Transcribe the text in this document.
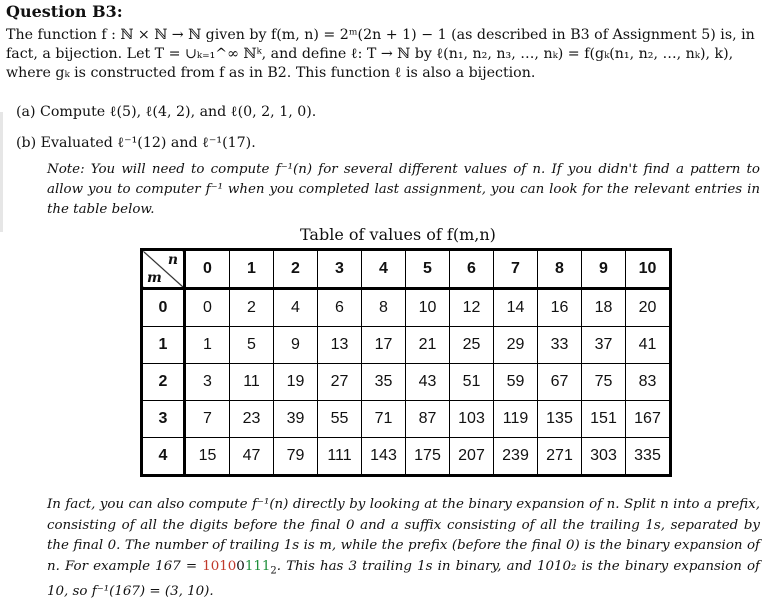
Question B3:

The function f : ℕ × ℕ → ℕ given by f(m, n) = 2ᵐ(2n + 1) − 1 (as described in B3 of Assignment 5) is, in

fact, a bijection. Let T = ∪ₖ₌₁^∞ ℕᵏ, and define ℓ: T → ℕ by ℓ(n₁, n₂, n₃, …, nₖ) = f(gₖ(n₁, n₂, …, nₖ), k),

where gₖ is constructed from f as in B2. This function ℓ is also a bijection.

(a) Compute ℓ(5), ℓ(4, 2), and ℓ(0, 2, 1, 0).
(b) Evaluated ℓ⁻¹(12) and ℓ⁻¹(17).
Note: You will need to compute f⁻¹(n) for several different values of n. If you didn't find a pattern to allow you to computer f⁻¹ when you completed last assignment, you can look for the relevant entries in the table below.
Table of values of f(m,n)
n
m	0	1	2	3	4	5	6	7	8	9	10
0	0	2	4	6	8	10	12	14	16	18	20
1	1	5	9	13	17	21	25	29	33	37	41
2	3	11	19	27	35	43	51	59	67	75	83
3	7	23	39	55	71	87	103	119	135	151	167
4	15	47	79	111	143	175	207	239	271	303	335
In fact, you can also compute f⁻¹(n) directly by looking at the binary expansion of n. Split n into a prefix, consisting of all the digits before the final 0 and a suffix consisting of all the trailing 1s, separated by the final 0. The number of trailing 1s is m, while the prefix (before the final 0) is the binary expansion of n. For example $167 = 10100111_2$. This has 3 trailing 1s in binary, and 1010₂ is the binary expansion of 10, so f⁻¹(167) = (3, 10).
